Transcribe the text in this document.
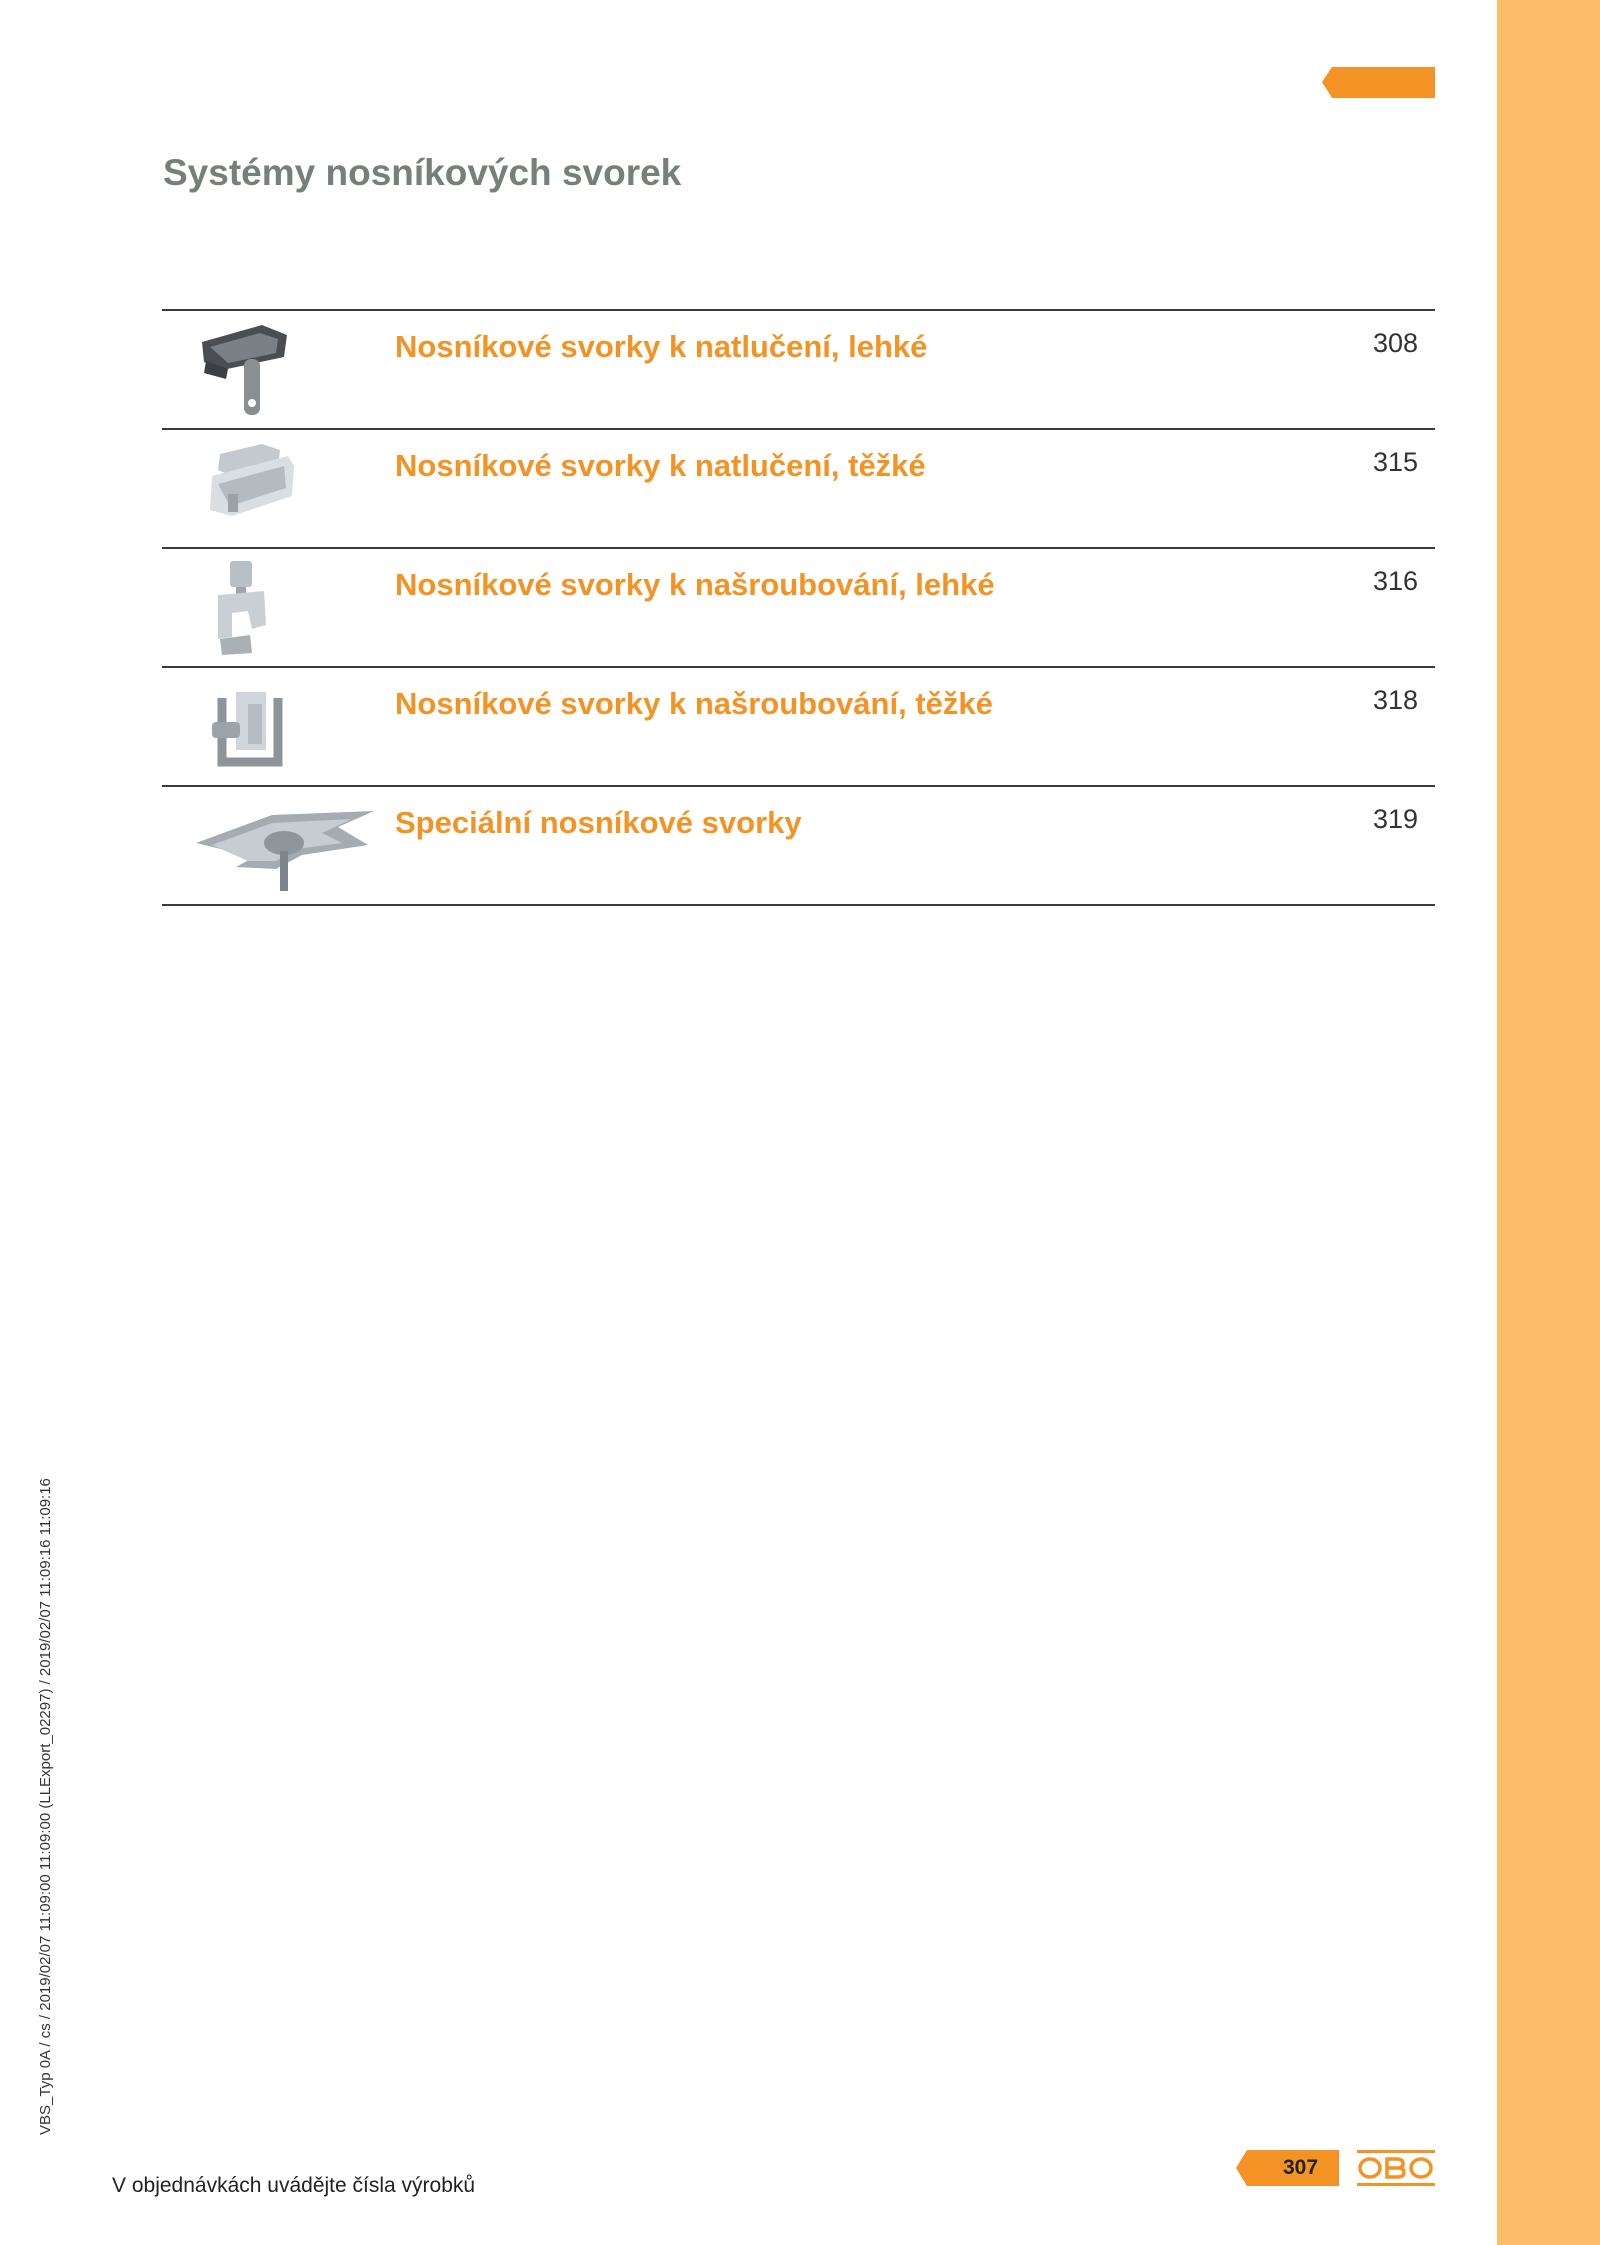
Systémy nosníkových svorek
Nosníkové svorky k natlučení, lehké	308
Nosníkové svorky k natlučení, těžké	315
Nosníkové svorky k našroubování, lehké	316
Nosníkové svorky k našroubování, těžké	318
Speciální nosníkové svorky	319
VBS_Typ 0A / cs / 2019/02/07 11:09:00 11:09:00 (LLExport_02297) / 2019/02/07 11:09:16 11:09:16
V objednávkách uvádějte čísla výrobků
307
